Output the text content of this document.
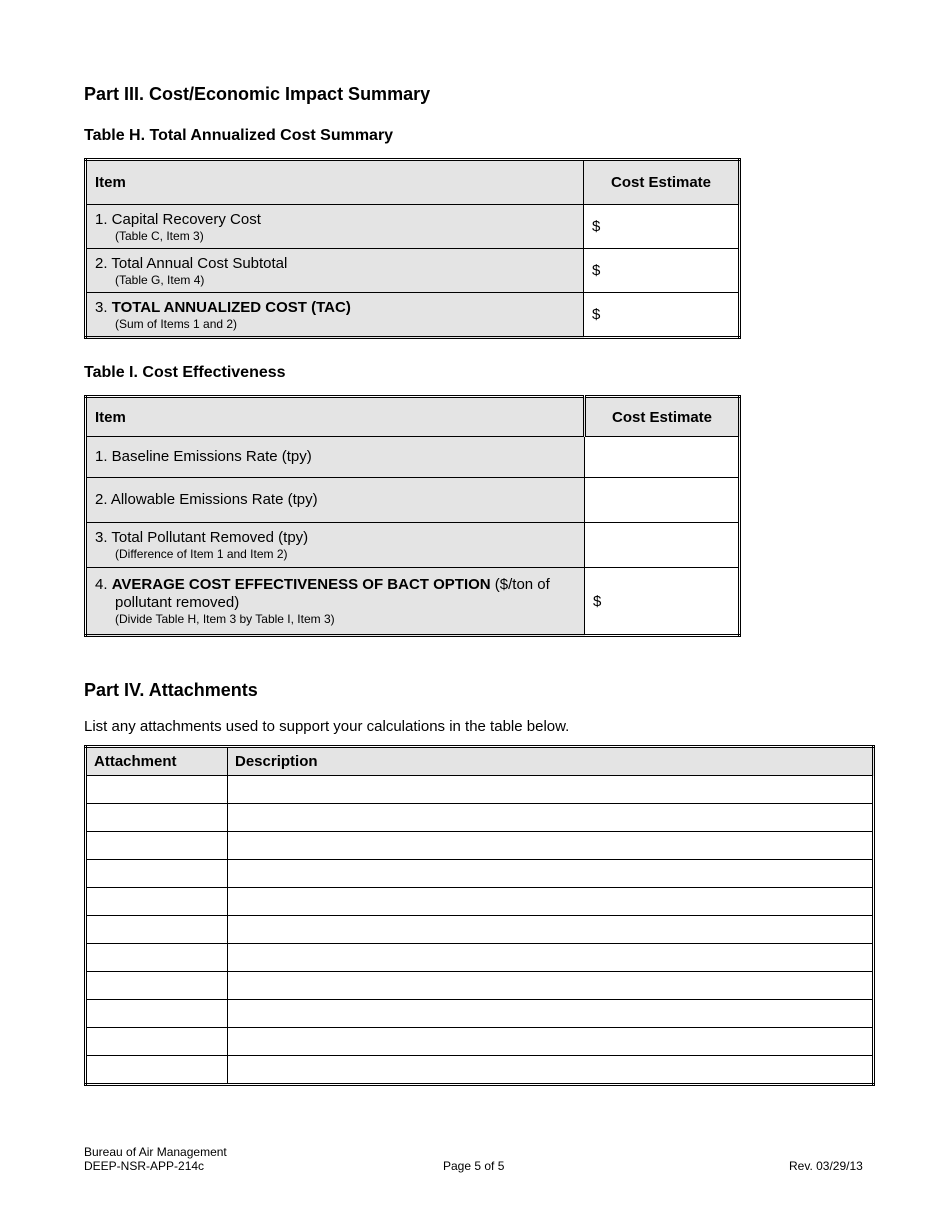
Part III. Cost/Economic Impact Summary
Table H. Total Annualized Cost Summary
Item	Cost Estimate

1. Capital Recovery Cost
(Table C, Item 3)	$

2. Total Annual Cost Subtotal
(Table G, Item 4)	$

3. TOTAL ANNUALIZED COST (TAC)
(Sum of Items 1 and 2)	$
Table I. Cost Effectiveness
Item	Cost Estimate

1. Baseline Emissions Rate (tpy)	

2. Allowable Emissions Rate (tpy)	

3. Total Pollutant Removed (tpy)
(Difference of Item 1 and Item 2)	

4. AVERAGE COST EFFECTIVENESS OF BACT OPTION ($/ton of
pollutant removed)
(Divide Table H, Item 3 by Table I, Item 3)	$
Part IV. Attachments
List any attachments used to support your calculations in the table below.
Attachment	Description

Bureau of Air Management
DEEP-NSR-APP-214c	Page 5 of 5	Rev. 03/29/13
